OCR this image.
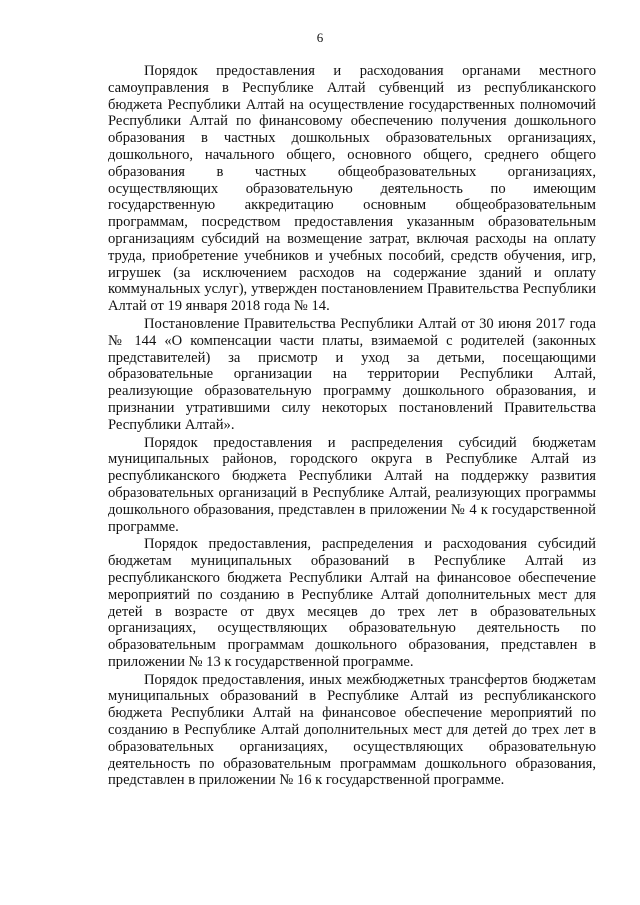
6

Порядок предоставления и расходования органами местного самоуправления в Республике Алтай субвенций из республиканского бюджета Республики Алтай на осуществление государственных полномочий Республики Алтай по финансовому обеспечению получения дошкольного образования в частных дошкольных образовательных организациях, дошкольного, начального общего, основного общего, среднего общего образования в частных общеобразовательных организациях, осуществляющих образовательную деятельность по имеющим государственную аккредитацию основным общеобразовательным программам, посредством предоставления указанным образовательным организациям субсидий на возмещение затрат, включая расходы на оплату труда, приобретение учебников и учебных пособий, средств обучения, игр, игрушек (за исключением расходов на содержание зданий и оплату коммунальных услуг), утвержден постановлением Правительства Республики Алтай от 19 января 2018 года № 14.

Постановление Правительства Республики Алтай от 30 июня 2017 года № 144 «О компенсации части платы, взимаемой с родителей (законных представителей) за присмотр и уход за детьми, посещающими образовательные организации на территории Республики Алтай, реализующие образовательную программу дошкольного образования, и признании утратившими силу некоторых постановлений Правительства Республики Алтай».

Порядок предоставления и распределения субсидий бюджетам муниципальных районов, городского округа в Республике Алтай из республиканского бюджета Республики Алтай на поддержку развития образовательных организаций в Республике Алтай, реализующих программы дошкольного образования, представлен в приложении № 4 к государственной программе.

Порядок предоставления, распределения и расходования субсидий бюджетам муниципальных образований в Республике Алтай из республиканского бюджета Республики Алтай на финансовое обеспечение мероприятий по созданию в Республике Алтай дополнительных мест для детей в возрасте от двух месяцев до трех лет в образовательных организациях, осуществляющих образовательную деятельность по образовательным программам дошкольного образования, представлен в приложении № 13 к государственной программе.

Порядок предоставления, иных межбюджетных трансфертов бюджетам муниципальных образований в Республике Алтай из республиканского бюджета Республики Алтай на финансовое обеспечение мероприятий по созданию в Республике Алтай дополнительных мест для детей до трех лет в образовательных организациях, осуществляющих образовательную деятельность по образовательным программам дошкольного образования, представлен в приложении № 16 к государственной программе.
